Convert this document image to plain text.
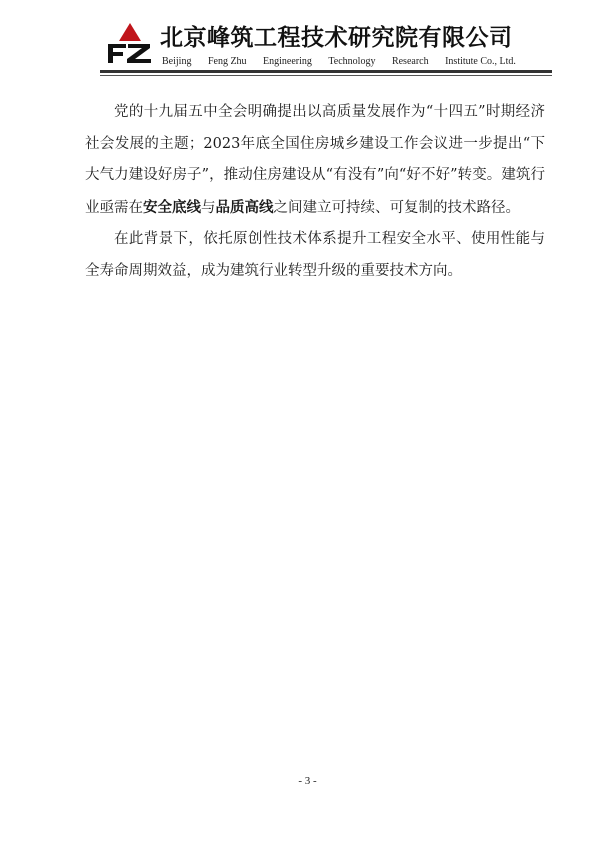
北京峰筑工程技术研究院有限公司
Beijing Feng Zhu Engineering Technology Research Institute Co., Ltd.

党的十九届五中全会明确提出以高质量发展作为“十四五”时期经济社会发展的主题；2023年底全国住房城乡建设工作会议进一步提出“下大气力建设好房子”，推动住房建设从“有没有”向“好不好”转变。建筑行业亟需在安全底线与品质高线之间建立可持续、可复制的技术路径。

在此背景下，依托原创性技术体系提升工程安全水平、使用性能与全寿命周期效益，成为建筑行业转型升级的重要技术方向。

- 3 -
